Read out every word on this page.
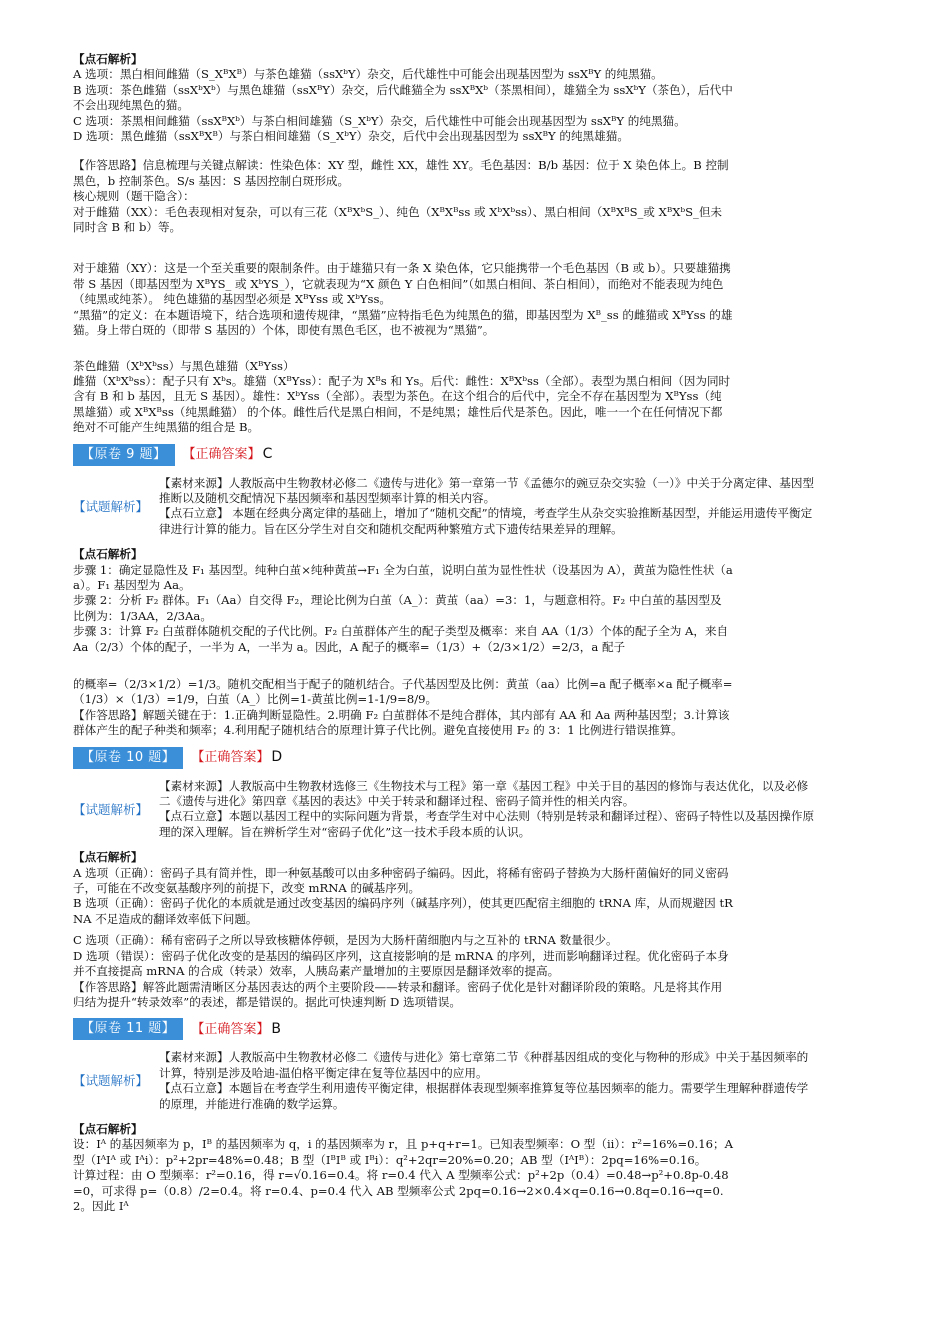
【点石解析】

A 选项：黑白相间雌猫（S_XᴮXᴮ）与茶色雄猫（ssXᵇY）杂交，后代雄性中可能会出现基因型为 ssXᴮY 的纯黑猫。

B 选项：茶色雌猫（ssXᵇXᵇ）与黑色雄猫（ssXᴮY）杂交，后代雌猫全为 ssXᴮXᵇ（茶黑相间），雄猫全为 ssXᵇY（茶色），后代中不会出现纯黑色的猫。

C 选项：茶黑相间雌猫（ssXᴮXᵇ）与茶白相间雄猫（S_XᵇY）杂交，后代雄性中可能会出现基因型为 ssXᴮY 的纯黑猫。

D 选项：黑色雌猫（ssXᴮXᴮ）与茶白相间雄猫（S_XᵇY）杂交，后代中会出现基因型为 ssXᴮY 的纯黑雄猫。

【作答思路】信息梳理与关键点解读：性染色体：XY 型，雌性 XX，雄性 XY。毛色基因：B/b 基因：位于 X 染色体上。B 控制黑色，b 控制茶色。S/s 基因：S 基因控制白斑形成。

核心规则（题干隐含）：

对于雌猫（XX）：毛色表现相对复杂，可以有三花（XᴮXᵇS_）、纯色（XᴮXᴮss 或 XᵇXᵇss）、黑白相间（XᴮXᴮS_或 XᴮXᵇS_但未同时含 B 和 b）等。

对于雄猫（XY）：这是一个至关重要的限制条件。由于雄猫只有一条 X 染色体，它只能携带一个毛色基因（B 或 b）。只要雄猫携带 S 基因（即基因型为 XᴮYS_ 或 XᵇYS_），它就表现为“X 颜色 Y 白色相间”（如黑白相间、茶白相间），而绝对不能表现为纯色（纯黑或纯茶）。 纯色雄猫的基因型必须是 XᴮYss 或 XᵇYss。

“黑猫”的定义：在本题语境下，结合选项和遗传规律，“黑猫”应特指毛色为纯黑色的猫，即基因型为 Xᴮ_ss 的雌猫或 XᴮYss 的雄猫。身上带白斑的（即带 S 基因的）个体，即使有黑色毛区，也不被视为“黑猫”。

茶色雌猫（XᵇXᵇss）与黑色雄猫（XᴮYss）

雌猫（XᵇXᵇss）：配子只有 Xᵇs。雄猫（XᴮYss）：配子为 Xᴮs 和 Ys。后代：雌性：XᴮXᵇss（全部）。表型为黑白相间（因为同时含有 B 和 b 基因，且无 S 基因）。雄性：XᵇYss（全部）。表型为茶色。在这个组合的后代中，完全不存在基因型为 XᴮYss（纯黑雄猫）或 XᴮXᴮss（纯黑雌猫） 的个体。雌性后代是黑白相间，不是纯黑；雄性后代是茶色。因此，唯一一个在任何情况下都绝对不可能产生纯黑猫的组合是 B。

【原卷 9 题】	【正确答案】 C
【试题解析】

【素材来源】人教版高中生物教材必修二《遗传与进化》第一章第一节《孟德尔的豌豆杂交实验（一）》中关于分离定律、基因型推断以及随机交配情况下基因频率和基因型频率计算的相关内容。

【点石立意】 本题在经典分离定律的基础上，增加了“随机交配”的情境，考查学生从杂交实验推断基因型，并能运用遗传平衡定律进行计算的能力。旨在区分学生对自交和随机交配两种繁殖方式下遗传结果差异的理解。

【点石解析】

步骤 1：确定显隐性及 F₁ 基因型。纯种白茧×纯种黄茧→F₁ 全为白茧，说明白茧为显性性状（设基因为 A），黄茧为隐性性状（aa）。F₁ 基因型为 Aa。

步骤 2：分析 F₂ 群体。F₁（Aa）自交得 F₂，理论比例为白茧（A_）：黄茧（aa）=3：1，与题意相符。F₂ 中白茧的基因型及比例为：1/3AA，2/3Aa。

步骤 3：计算 F₂ 白茧群体随机交配的子代比例。F₂ 白茧群体产生的配子类型及概率：来自 AA（1/3）个体的配子全为 A，来自 Aa（2/3）个体的配子，一半为 A，一半为 a。因此，A 配子的概率=（1/3）+（2/3×1/2）=2/3，a 配子

的概率=（2/3×1/2）=1/3。随机交配相当于配子的随机结合。子代基因型及比例：黄茧（aa）比例=a 配子概率×a 配子概率=（1/3）×（1/3）=1/9，白茧（A_）比例=1-黄茧比例=1-1/9=8/9。

【作答思路】解题关键在于：1.正确判断显隐性。2.明确 F₂ 白茧群体不是纯合群体，其内部有 AA 和 Aa 两种基因型；3.计算该群体产生的配子种类和频率；4.利用配子随机结合的原理计算子代比例。避免直接使用 F₂ 的 3：1 比例进行错误推算。

【原卷 10 题】	【正确答案】 D
【试题解析】

【素材来源】人教版高中生物教材选修三《生物技术与工程》第一章《基因工程》中关于目的基因的修饰与表达优化，以及必修二《遗传与进化》第四章《基因的表达》中关于转录和翻译过程、密码子简并性的相关内容。

【点石立意】本题以基因工程中的实际问题为背景，考查学生对中心法则（特别是转录和翻译过程）、密码子特性以及基因操作原理的深入理解。旨在辨析学生对“密码子优化”这一技术手段本质的认识。

【点石解析】

A 选项（正确）：密码子具有简并性，即一种氨基酸可以由多种密码子编码。因此，将稀有密码子替换为大肠杆菌偏好的同义密码子，可能在不改变氨基酸序列的前提下，改变 mRNA 的碱基序列。

B 选项（正确）：密码子优化的本质就是通过改变基因的编码序列（碱基序列），使其更匹配宿主细胞的 tRNA 库，从而规避因 tRNA 不足造成的翻译效率低下问题。

C 选项（正确）：稀有密码子之所以导致核糖体停顿，是因为大肠杆菌细胞内与之互补的 tRNA 数量很少。

D 选项（错误）：密码子优化改变的是基因的编码区序列，这直接影响的是 mRNA 的序列，进而影响翻译过程。优化密码子本身并不直接提高 mRNA 的合成（转录）效率，人胰岛素产量增加的主要原因是翻译效率的提高。

【作答思路】解答此题需清晰区分基因表达的两个主要阶段——转录和翻译。密码子优化是针对翻译阶段的策略。凡是将其作用归结为提升“转录效率”的表述，都是错误的。据此可快速判断 D 选项错误。

【原卷 11 题】	【正确答案】 B
【试题解析】

【素材来源】人教版高中生物教材必修二《遗传与进化》第七章第二节《种群基因组成的变化与物种的形成》中关于基因频率的计算，特别是涉及哈迪-温伯格平衡定律在复等位基因中的应用。

【点石立意】本题旨在考查学生利用遗传平衡定律，根据群体表现型频率推算复等位基因频率的能力。需要学生理解种群遗传学的原理，并能进行准确的数学运算。

【点石解析】

设：Iᴬ 的基因频率为 p，Iᴮ 的基因频率为 q，i 的基因频率为 r，且 p+q+r=1。已知表型频率：O 型（ii）：r²=16%=0.16；A 型（IᴬIᴬ 或 Iᴬi）：p²+2pr=48%=0.48；B 型（IᴮIᴮ 或 Iᴮi）：q²+2qr=20%=0.20；AB 型（IᴬIᴮ）：2pq=16%=0.16。

计算过程：由 O 型频率：r²=0.16，得 r=√0.16=0.4。将 r=0.4 代入 A 型频率公式：p²+2p（0.4）=0.48→p²+0.8p-0.48=0，可求得 p=（0.8）/2=0.4。将 r=0.4、p=0.4 代入 AB 型频率公式 2pq=0.16→2×0.4×q=0.16→0.8q=0.16→q=0.2。因此 Iᴬ
